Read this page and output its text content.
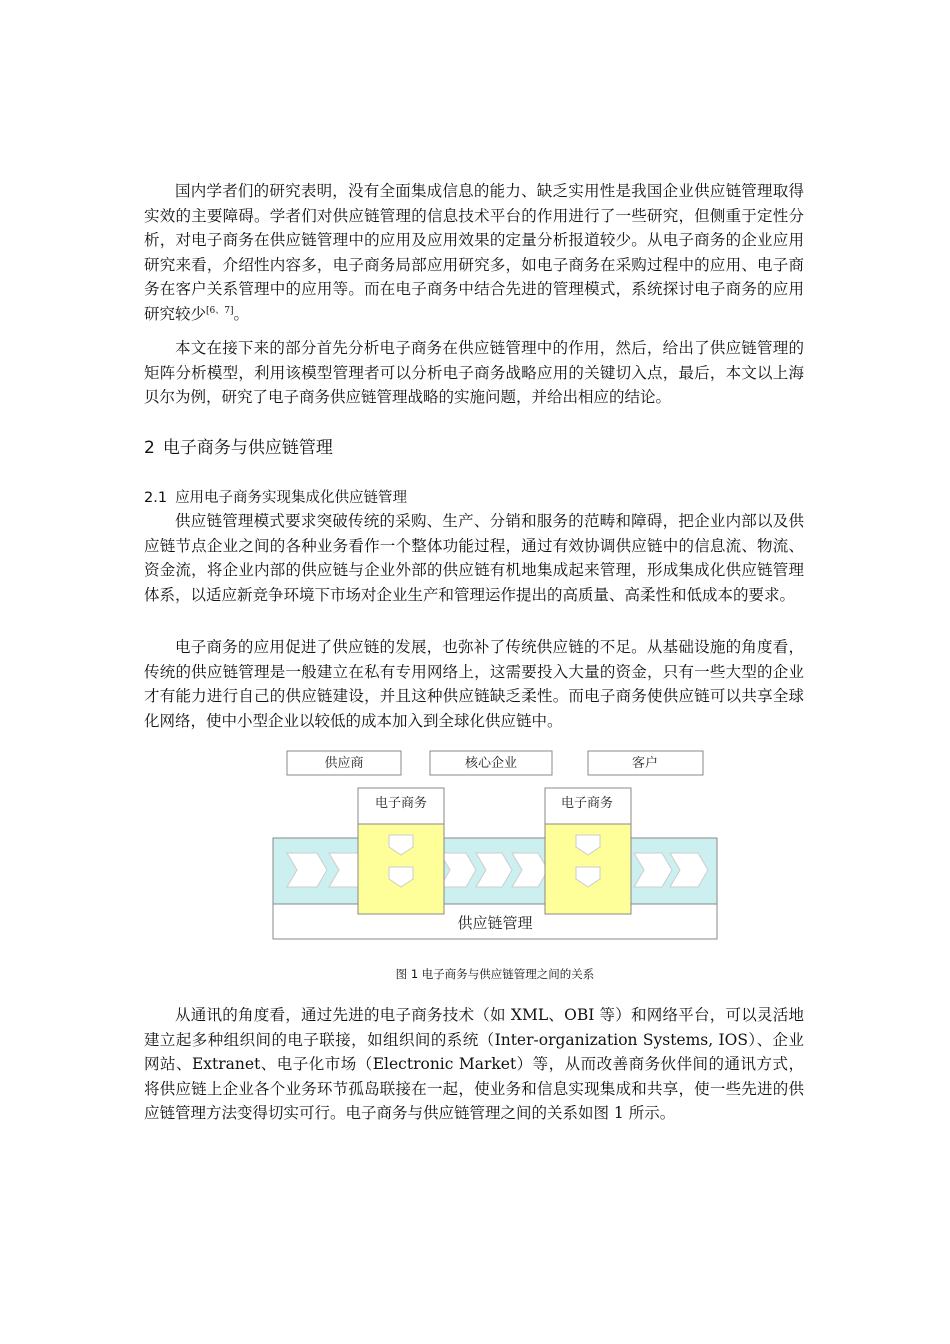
国内学者们的研究表明，没有全面集成信息的能力、缺乏实用性是我国企业供应链管理取得实效的主要障碍。学者们对供应链管理的信息技术平台的作用进行了一些研究，但侧重于定性分析，对电子商务在供应链管理中的应用及应用效果的定量分析报道较少。从电子商务的企业应用研究来看，介绍性内容多，电子商务局部应用研究多，如电子商务在采购过程中的应用、电子商务在客户关系管理中的应用等。而在电子商务中结合先进的管理模式，系统探讨电子商务的应用研究较少[6、7]。

本文在接下来的部分首先分析电子商务在供应链管理中的作用，然后，给出了供应链管理的矩阵分析模型，利用该模型管理者可以分析电子商务战略应用的关键切入点，最后，本文以上海贝尔为例，研究了电子商务供应链管理战略的实施问题，并给出相应的结论。

2 电子商务与供应链管理
2.1 应用电子商务实现集成化供应链管理

供应链管理模式要求突破传统的采购、生产、分销和服务的范畴和障碍，把企业内部以及供应链节点企业之间的各种业务看作一个整体功能过程，通过有效协调供应链中的信息流、物流、资金流，将企业内部的供应链与企业外部的供应链有机地集成起来管理，形成集成化供应链管理体系，以适应新竞争环境下市场对企业生产和管理运作提出的高质量、高柔性和低成本的要求。

电子商务的应用促进了供应链的发展，也弥补了传统供应链的不足。从基础设施的角度看，传统的供应链管理是一般建立在私有专用网络上，这需要投入大量的资金，只有一些大型的企业才有能力进行自己的供应链建设，并且这种供应链缺乏柔性。而电子商务使供应链可以共享全球化网络，使中小型企业以较低的成本加入到全球化供应链中。

供应商	核心企业	客户
供应链管理
电子商务	电子商务
图 1 电子商务与供应链管理之间的关系

从通讯的角度看，通过先进的电子商务技术（如 XML、OBI 等）和网络平台，可以灵活地建立起多种组织间的电子联接，如组织间的系统（Inter-organization Systems, IOS）、企业网站、Extranet、电子化市场（Electronic Market）等，从而改善商务伙伴间的通讯方式，将供应链上企业各个业务环节孤岛联接在一起，使业务和信息实现集成和共享，使一些先进的供应链管理方法变得切实可行。电子商务与供应链管理之间的关系如图 1 所示。
